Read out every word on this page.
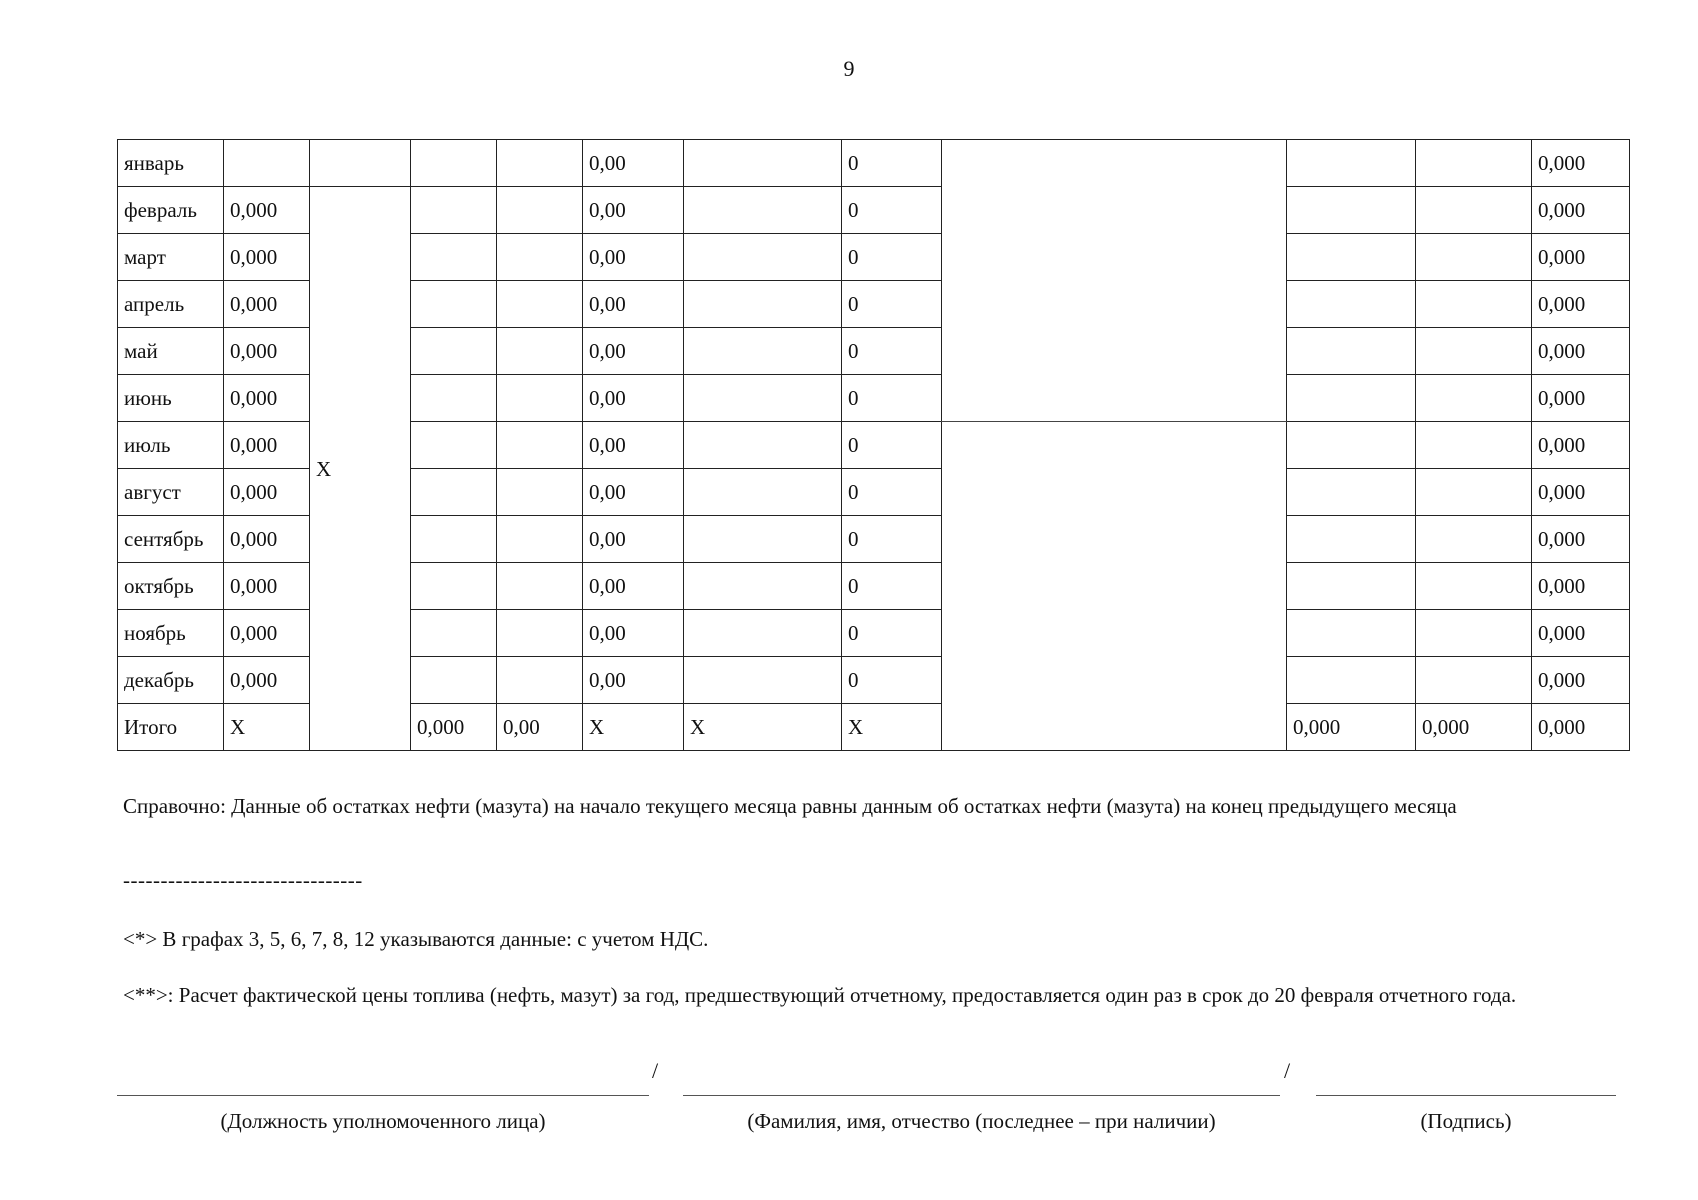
9
январь					0,00		0				0,000
февраль	0,000	X			0,00		0				0,000
март	0,000				0,00		0				0,000
апрель	0,000				0,00		0				0,000
май	0,000				0,00		0				0,000
июнь	0,000				0,00		0				0,000
июль	0,000				0,00		0				0,000
август	0,000				0,00		0				0,000
сентябрь	0,000				0,00		0				0,000
октябрь	0,000				0,00		0				0,000
ноябрь	0,000				0,00		0				0,000
декабрь	0,000				0,00		0				0,000
Итого	X		0,000	0,00	X	X	X		0,000	0,000	0,000
Справочно: Данные об остатках нефти (мазута) на начало текущего месяца равны данным об остатках нефти (мазута) на конец предыдущего месяца
--------------------------------
<*> В графах 3, 5, 6, 7, 8, 12 указываются данные: с учетом НДС.
<**>: Расчет фактической цены топлива (нефть, мазут) за год, предшествующий отчетному, предоставляется один раз в срок до 20 февраля отчетного года.
/	/
(Должность уполномоченного лица)	(Фамилия, имя, отчество (последнее – при наличии)	(Подпись)
